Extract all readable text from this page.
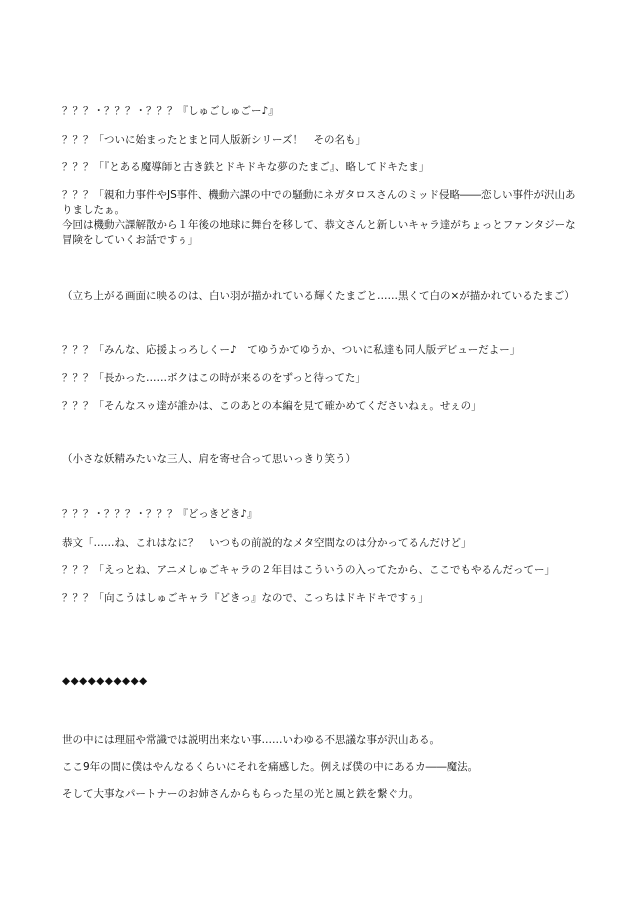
？？？・？？？・？？？『しゅごしゅごー♪』
？？？「ついに始まったとまと同人版新シリーズ！　その名も」
？？？「『とある魔導師と古き鉄とドキドキな夢のたまご』、略してドキたま」
？？？「親和力事件やJS事件、機動六課の中での騒動にネガタロスさんのミッド侵略――恋しい事件が沢山ありましたぁ。
今回は機動六課解散から１年後の地球に舞台を移して、恭文さんと新しいキャラ達がちょっとファンタジーな冒険をしていくお話ですぅ」
（立ち上がる画面に映るのは、白い羽が描かれている輝くたまごと……黒くて白の×が描かれているたまご）
？？？「みんな、応援よっろしくー♪　てゆうかてゆうか、ついに私達も同人版デビューだよー」
？？？「長かった……ボクはこの時が来るのをずっと待ってた」
？？？「そんなスゥ達が誰かは、このあとの本編を見て確かめてくださいねぇ。せぇの」
（小さな妖精みたいな三人、肩を寄せ合って思いっきり笑う）
？？？・？？？・？？？『どっきどき♪』
恭文「……ね、これはなに？　いつもの前説的なメタ空間なのは分かってるんだけど」
？？？「えっとね、アニメしゅごキャラの２年目はこういうの入ってたから、ここでもやるんだってー」
？？？「向こうはしゅごキャラ『どきっ』なので、こっちはドキドキですぅ」
◆◆◆◆◆◆◆◆◆◆
世の中には理屈や常識では説明出来ない事……いわゆる不思議な事が沢山ある。
ここ9年の間に僕はやんなるくらいにそれを痛感した。例えば僕の中にあるカ――魔法。
そして大事なパートナーのお姉さんからもらった星の光と風と鉄を繋ぐ力。
